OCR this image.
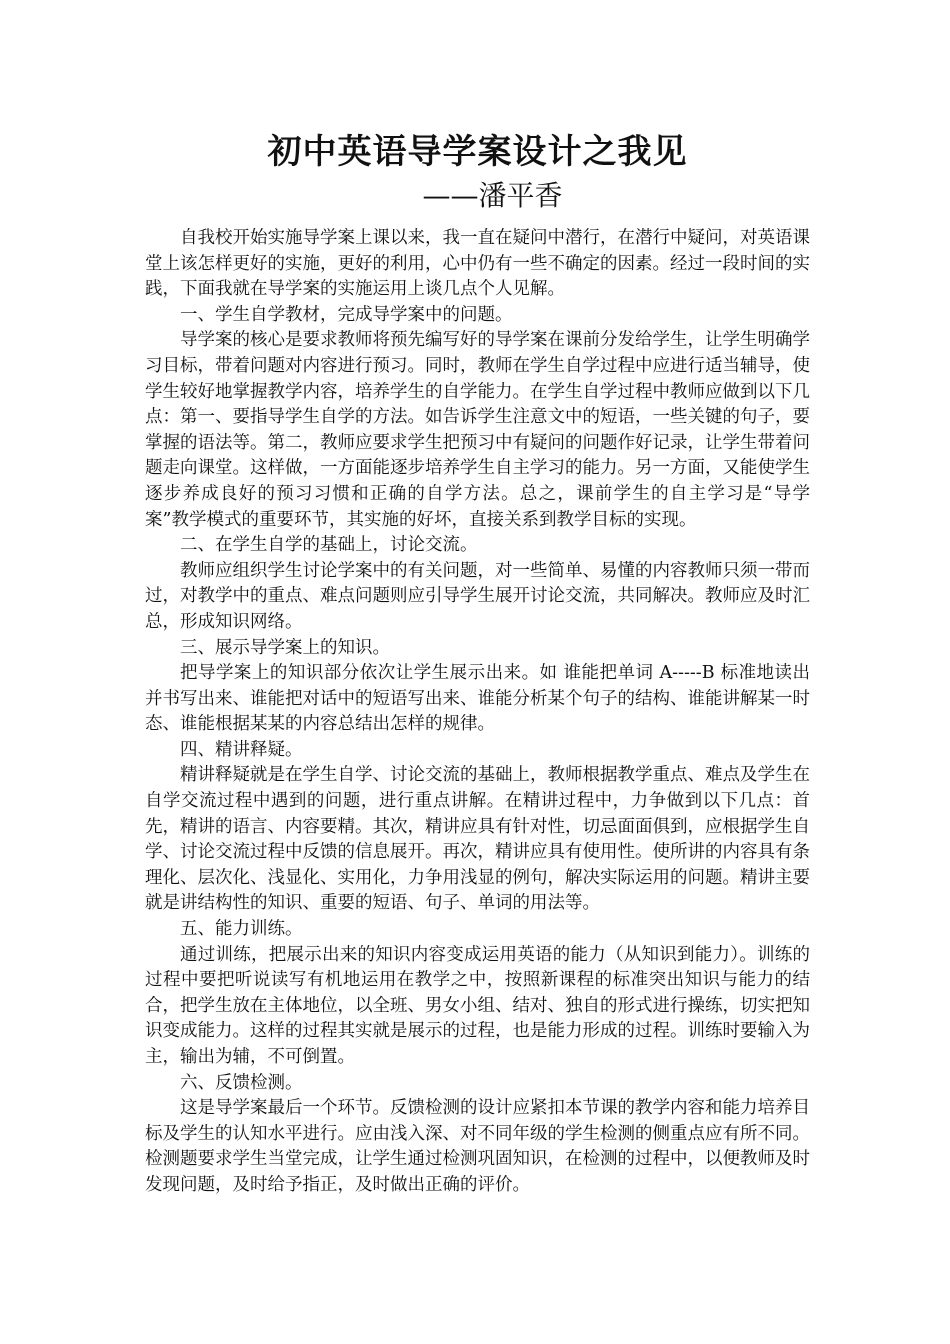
初中英语导学案设计之我见
——潘平香

自我校开始实施导学案上课以来，我一直在疑问中潜行，在潜行中疑问，对英语课堂上该怎样更好的实施，更好的利用，心中仍有一些不确定的因素。经过一段时间的实践，下面我就在导学案的实施运用上谈几点个人见解。

一、学生自学教材，完成导学案中的问题。

导学案的核心是要求教师将预先编写好的导学案在课前分发给学生，让学生明确学习目标，带着问题对内容进行预习。同时，教师在学生自学过程中应进行适当辅导，使学生较好地掌握教学内容，培养学生的自学能力。在学生自学过程中教师应做到以下几点：第一、要指导学生自学的方法。如告诉学生注意文中的短语，一些关键的句子，要掌握的语法等。第二，教师应要求学生把预习中有疑问的问题作好记录，让学生带着问题走向课堂。这样做，一方面能逐步培养学生自主学习的能力。另一方面，又能使学生逐步养成良好的预习习惯和正确的自学方法。总之，课前学生的自主学习是“导学案”教学模式的重要环节，其实施的好坏，直接关系到教学目标的实现。

二、在学生自学的基础上，讨论交流。

教师应组织学生讨论学案中的有关问题，对一些简单、易懂的内容教师只须一带而过，对教学中的重点、难点问题则应引导学生展开讨论交流，共同解决。教师应及时汇总，形成知识网络。

三、展示导学案上的知识。

把导学案上的知识部分依次让学生展示出来。如 谁能把单词 A-----B 标准地读出并书写出来、谁能把对话中的短语写出来、谁能分析某个句子的结构、谁能讲解某一时态、谁能根据某某的内容总结出怎样的规律。

四、精讲释疑。

精讲释疑就是在学生自学、讨论交流的基础上，教师根据教学重点、难点及学生在自学交流过程中遇到的问题，进行重点讲解。在精讲过程中，力争做到以下几点：首先，精讲的语言、内容要精。其次，精讲应具有针对性，切忌面面俱到，应根据学生自学、讨论交流过程中反馈的信息展开。再次，精讲应具有使用性。使所讲的内容具有条理化、层次化、浅显化、实用化，力争用浅显的例句，解决实际运用的问题。精讲主要就是讲结构性的知识、重要的短语、句子、单词的用法等。

五、能力训练。

通过训练，把展示出来的知识内容变成运用英语的能力（从知识到能力）。训练的过程中要把听说读写有机地运用在教学之中，按照新课程的标准突出知识与能力的结合，把学生放在主体地位，以全班、男女小组、结对、独自的形式进行操练，切实把知识变成能力。这样的过程其实就是展示的过程，也是能力形成的过程。训练时要输入为主，输出为辅，不可倒置。

六、反馈检测。

这是导学案最后一个环节。反馈检测的设计应紧扣本节课的教学内容和能力培养目标及学生的认知水平进行。应由浅入深、对不同年级的学生检测的侧重点应有所不同。检测题要求学生当堂完成，让学生通过检测巩固知识，在检测的过程中，以便教师及时发现问题，及时给予指正，及时做出正确的评价。
